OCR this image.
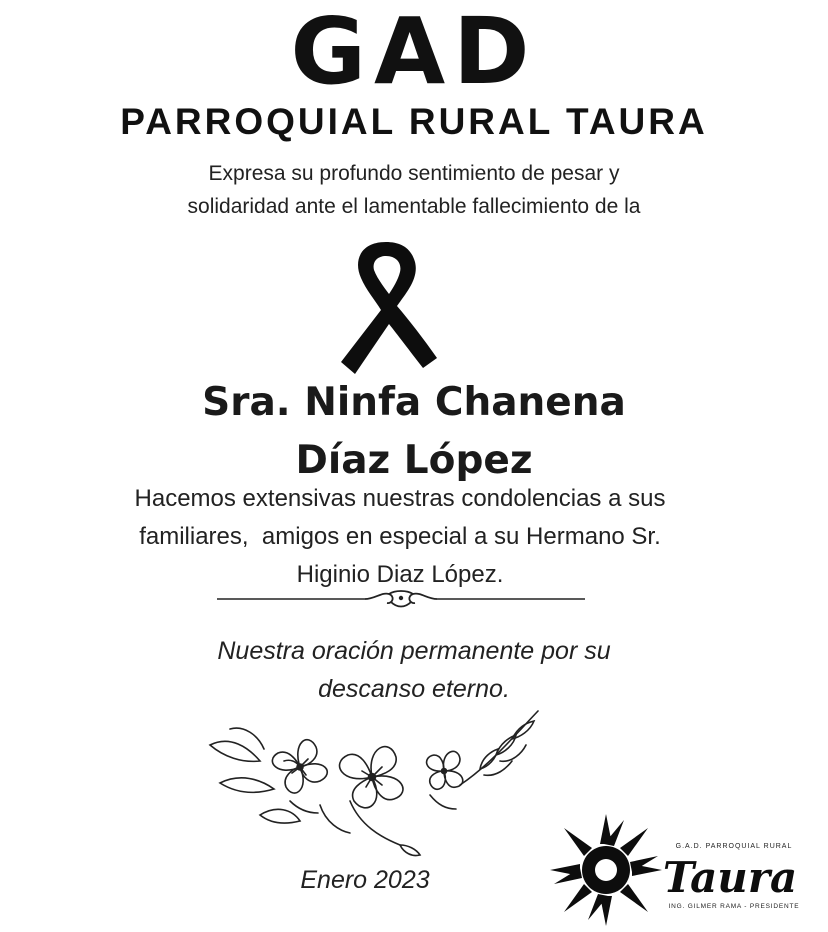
GAD
PARROQUIAL RURAL TAURA
Expresa su profundo sentimiento de pesar y
solidaridad ante el lamentable fallecimiento de la
Sra. Ninfa Chanena
Díaz López
Hacemos extensivas nuestras condolencias a sus
familiares,  amigos en especial a su Hermano Sr.
Higinio Diaz López.
Nuestra oración permanente por su
descanso eterno.
Enero 2023
G.A.D. PARROQUIAL RURAL
Taura
ING. GILMER RAMA - PRESIDENTE
